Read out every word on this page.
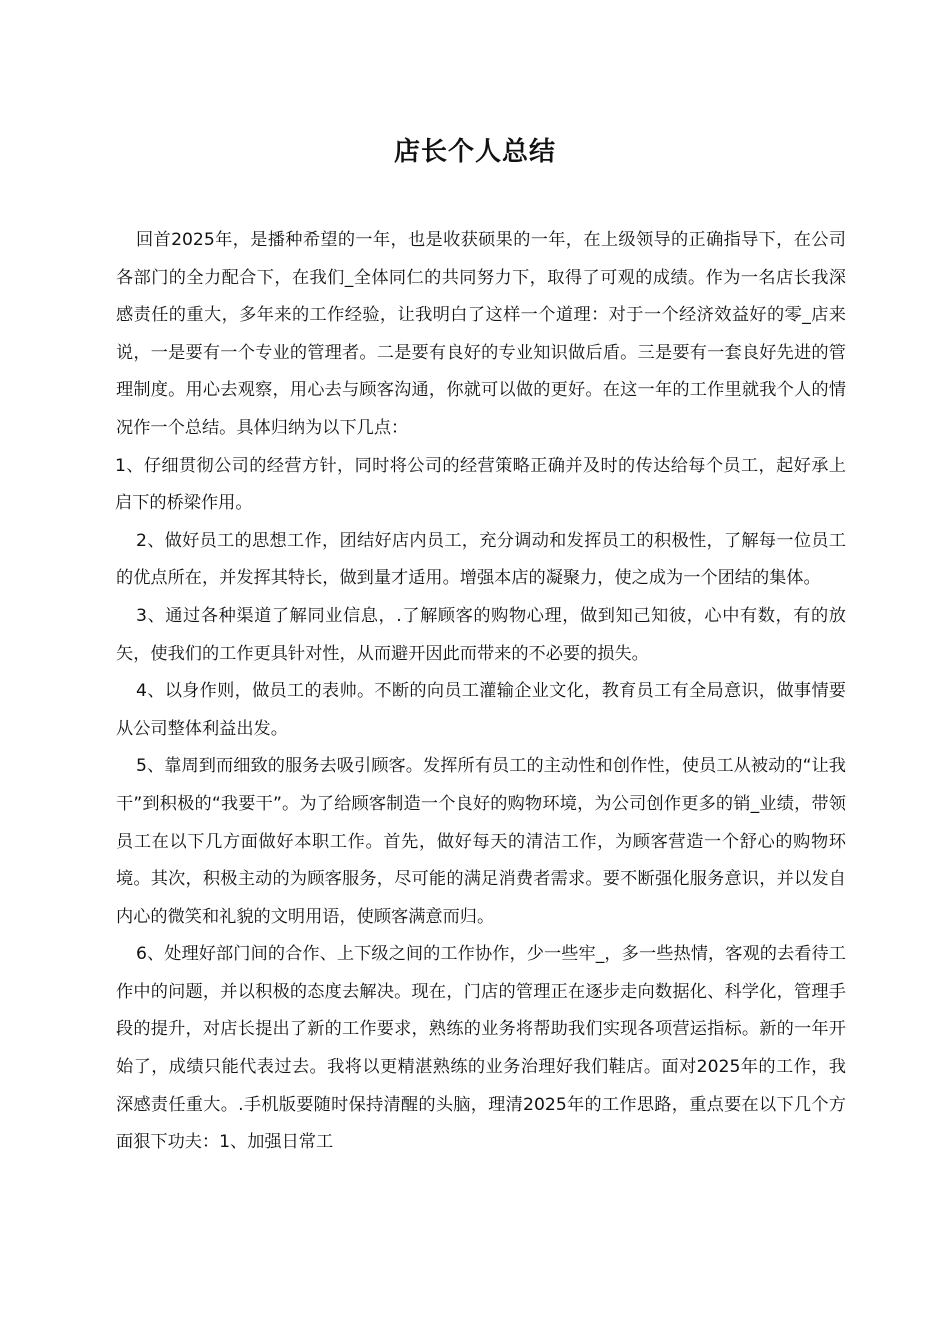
店长个人总结

回首2025年，是播种希望的一年，也是收获硕果的一年，在上级领导的正确指导下，在公司各部门的全力配合下，在我们_全体同仁的共同努力下，取得了可观的成绩。作为一名店长我深感责任的重大，多年来的工作经验，让我明白了这样一个道理：对于一个经济效益好的零_店来说，一是要有一个专业的管理者。二是要有良好的专业知识做后盾。三是要有一套良好先进的管理制度。用心去观察，用心去与顾客沟通，你就可以做的更好。在这一年的工作里就我个人的情况作一个总结。具体归纳为以下几点：

1、仔细贯彻公司的经营方针，同时将公司的经营策略正确并及时的传达给每个员工，起好承上启下的桥梁作用。

2、做好员工的思想工作，团结好店内员工，充分调动和发挥员工的积极性，了解每一位员工的优点所在，并发挥其特长，做到量才适用。增强本店的凝聚力，使之成为一个团结的集体。

3、通过各种渠道了解同业信息，.了解顾客的购物心理，做到知己知彼，心中有数，有的放矢，使我们的工作更具针对性，从而避开因此而带来的不必要的损失。

4、以身作则，做员工的表帅。不断的向员工灌输企业文化，教育员工有全局意识，做事情要从公司整体利益出发。

5、靠周到而细致的服务去吸引顾客。发挥所有员工的主动性和创作性，使员工从被动的“让我干”到积极的“我要干”。为了给顾客制造一个良好的购物环境，为公司创作更多的销_业绩，带领员工在以下几方面做好本职工作。首先，做好每天的清洁工作，为顾客营造一个舒心的购物环境。其次，积极主动的为顾客服务，尽可能的满足消费者需求。要不断强化服务意识，并以发自内心的微笑和礼貌的文明用语，使顾客满意而归。

6、处理好部门间的合作、上下级之间的工作协作，少一些牢_，多一些热情，客观的去看待工作中的问题，并以积极的态度去解决。现在，门店的管理正在逐步走向数据化、科学化，管理手段的提升，对店长提出了新的工作要求，熟练的业务将帮助我们实现各项营运指标。新的一年开始了，成绩只能代表过去。我将以更精湛熟练的业务治理好我们鞋店。面对2025年的工作，我深感责任重大。.手机版要随时保持清醒的头脑，理清2025年的工作思路，重点要在以下几个方面狠下功夫：1、加强日常工
